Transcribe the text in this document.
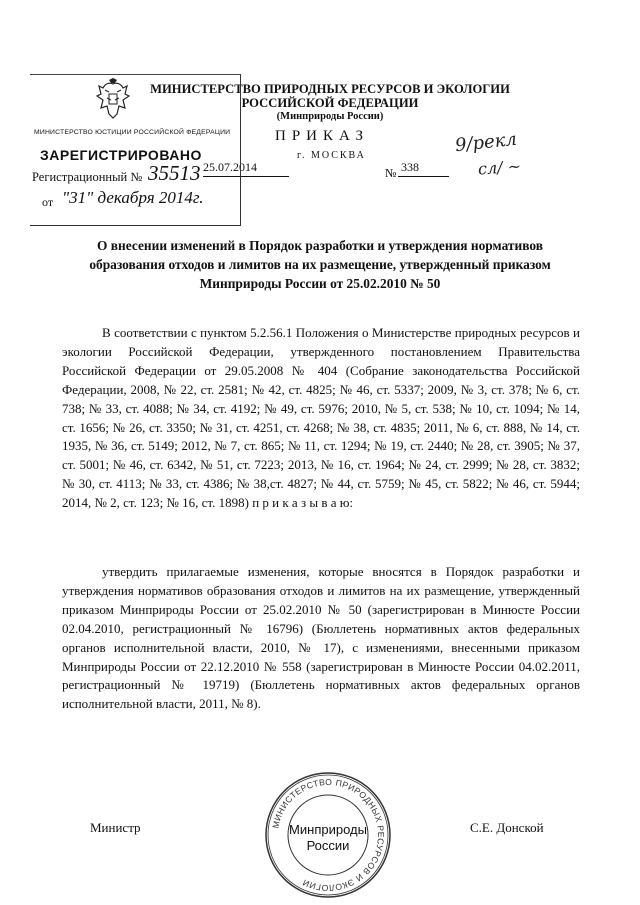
МИНИСТЕРСТВО ПРИРОДНЫХ РЕСУРСОВ И ЭКОЛОГИИ
РОССИЙСКОЙ ФЕДЕРАЦИИ
(Минприроды России)
ПРИКАЗ
г. МОСКВА
25.07.2014	№ 338
МИНИСТЕРСТВО ЮСТИЦИИ РОССИЙСКОЙ ФЕДЕРАЦИИ
ЗАРЕГИСТРИРОВАНО
Регистрационный № 35513
от "31" декабря 2014г.
9/рекл
сл/ ~
О внесении изменений в Порядок разработки и утверждения нормативов образования отходов и лимитов на их размещение, утвержденный приказом Минприроды России от 25.02.2010 № 50
В соответствии с пунктом 5.2.56.1 Положения о Министерстве природных ресурсов и экологии Российской Федерации, утвержденного постановлением Правительства Российской Федерации от 29.05.2008 № 404 (Собрание законодательства Российской Федерации, 2008, № 22, ст. 2581; № 42, ст. 4825; № 46, ст. 5337; 2009, № 3, ст. 378; № 6, ст. 738; № 33, ст. 4088; № 34, ст. 4192; № 49, ст. 5976; 2010, № 5, ст. 538; № 10, ст. 1094; № 14, ст. 1656; № 26, ст. 3350; № 31, ст. 4251, ст. 4268; № 38, ст. 4835; 2011, № 6, ст. 888, № 14, ст. 1935, № 36, ст. 5149; 2012, № 7, ст. 865; № 11, ст. 1294; № 19, ст. 2440; № 28, ст. 3905; № 37, ст. 5001; № 46, ст. 6342, № 51, ст. 7223; 2013, № 16, ст. 1964; № 24, ст. 2999; № 28, ст. 3832; № 30, ст. 4113; № 33, ст. 4386; № 38,ст. 4827; № 44, ст. 5759; № 45, ст. 5822; № 46, ст. 5944; 2014, № 2, ст. 123; № 16, ст. 1898) п р и к а з ы в а ю:
утвердить прилагаемые изменения, которые вносятся в Порядок разработки и утверждения нормативов образования отходов и лимитов на их размещение, утвержденный приказом Минприроды России от 25.02.2010 № 50 (зарегистрирован в Минюсте России 02.04.2010, регистрационный № 16796) (Бюллетень нормативных актов федеральных органов исполнительной власти, 2010, № 17), с изменениями, внесенными приказом Минприроды России от 22.12.2010 № 558 (зарегистрирован в Минюсте России 04.02.2011, регистрационный № 19719) (Бюллетень нормативных актов федеральных органов исполнительной власти, 2011, № 8).
Министр	С.Е. Донской
МИНИСТЕРСТВО ПРИРОДНЫХ РЕСУРСОВ И ЭКОЛОГИИ
Минприроды
России
